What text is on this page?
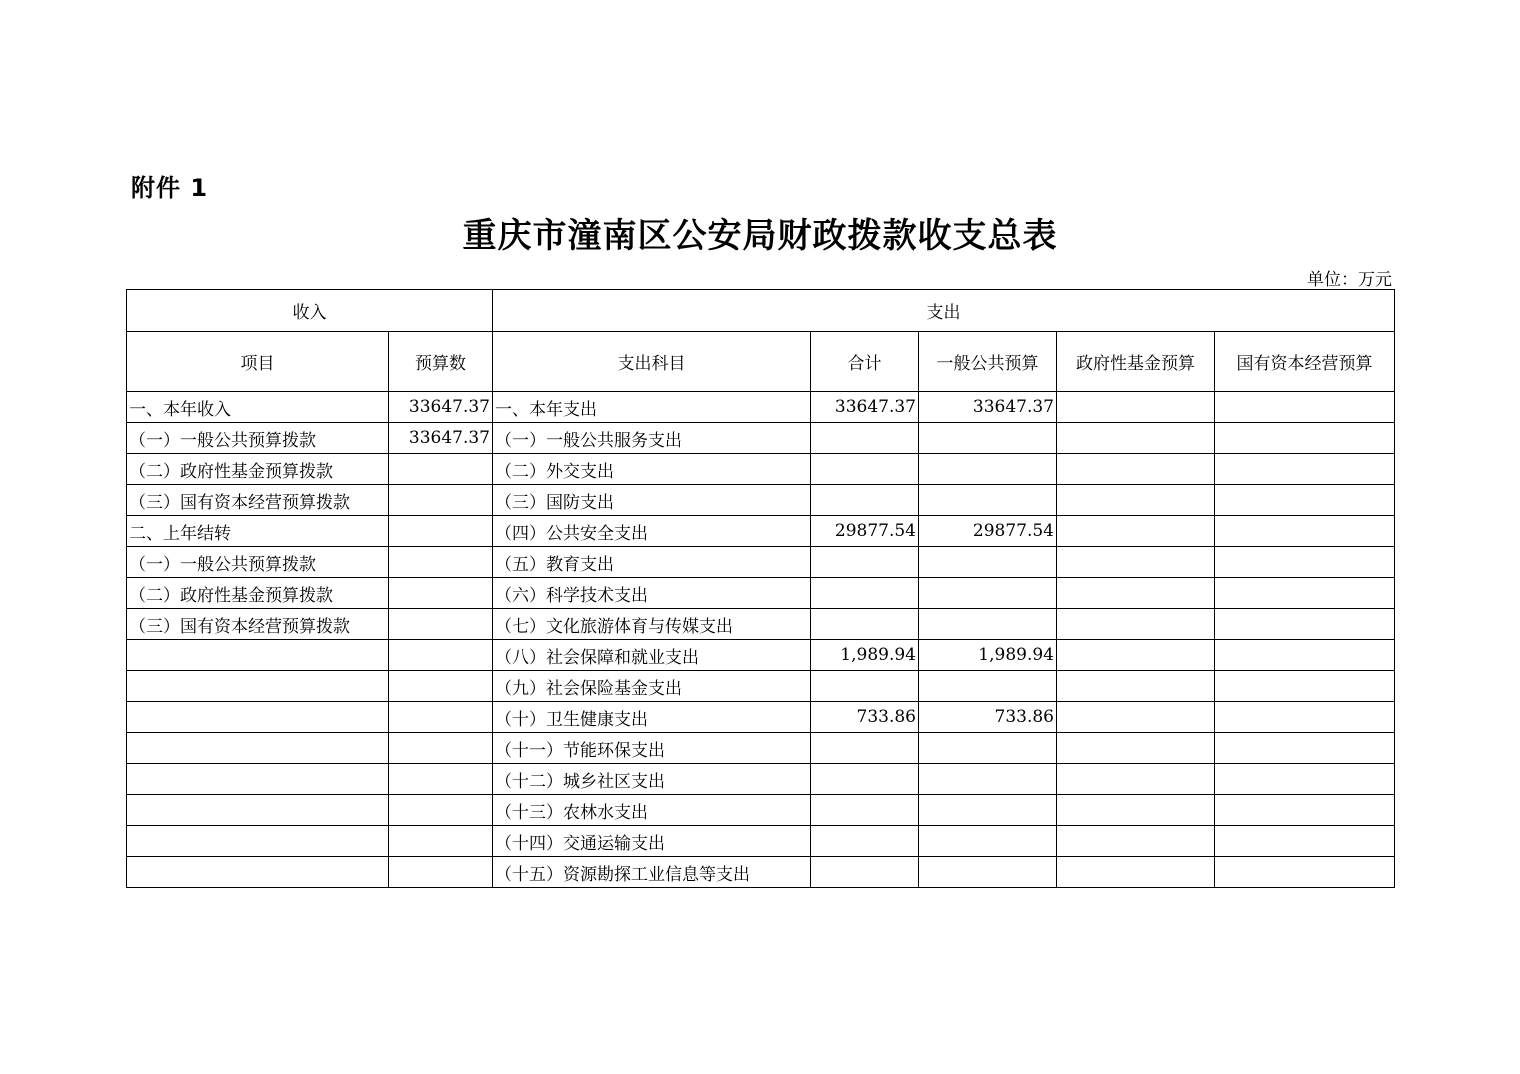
附件 1
重庆市潼南区公安局财政拨款收支总表
单位：万元
收入		支出				
项目	预算数	支出科目	合计	一般公共预算	政府性基金预算	国有资本经营预算
一、本年收入	33647.37	一、本年支出	33647.37	33647.37		
（一）一般公共预算拨款	33647.37	（一）一般公共服务支出				
（二）政府性基金预算拨款		（二）外交支出				
（三）国有资本经营预算拨款		（三）国防支出				
二、上年结转		（四）公共安全支出	29877.54	29877.54		
（一）一般公共预算拨款		（五）教育支出				
（二）政府性基金预算拨款		（六）科学技术支出				
（三）国有资本经营预算拨款		（七）文化旅游体育与传媒支出				
		（八）社会保障和就业支出	1,989.94	1,989.94		
		（九）社会保险基金支出				
		（十）卫生健康支出	733.86	733.86		
		（十一）节能环保支出				
		（十二）城乡社区支出				
		（十三）农林水支出				
		（十四）交通运输支出				
		（十五）资源勘探工业信息等支出				
